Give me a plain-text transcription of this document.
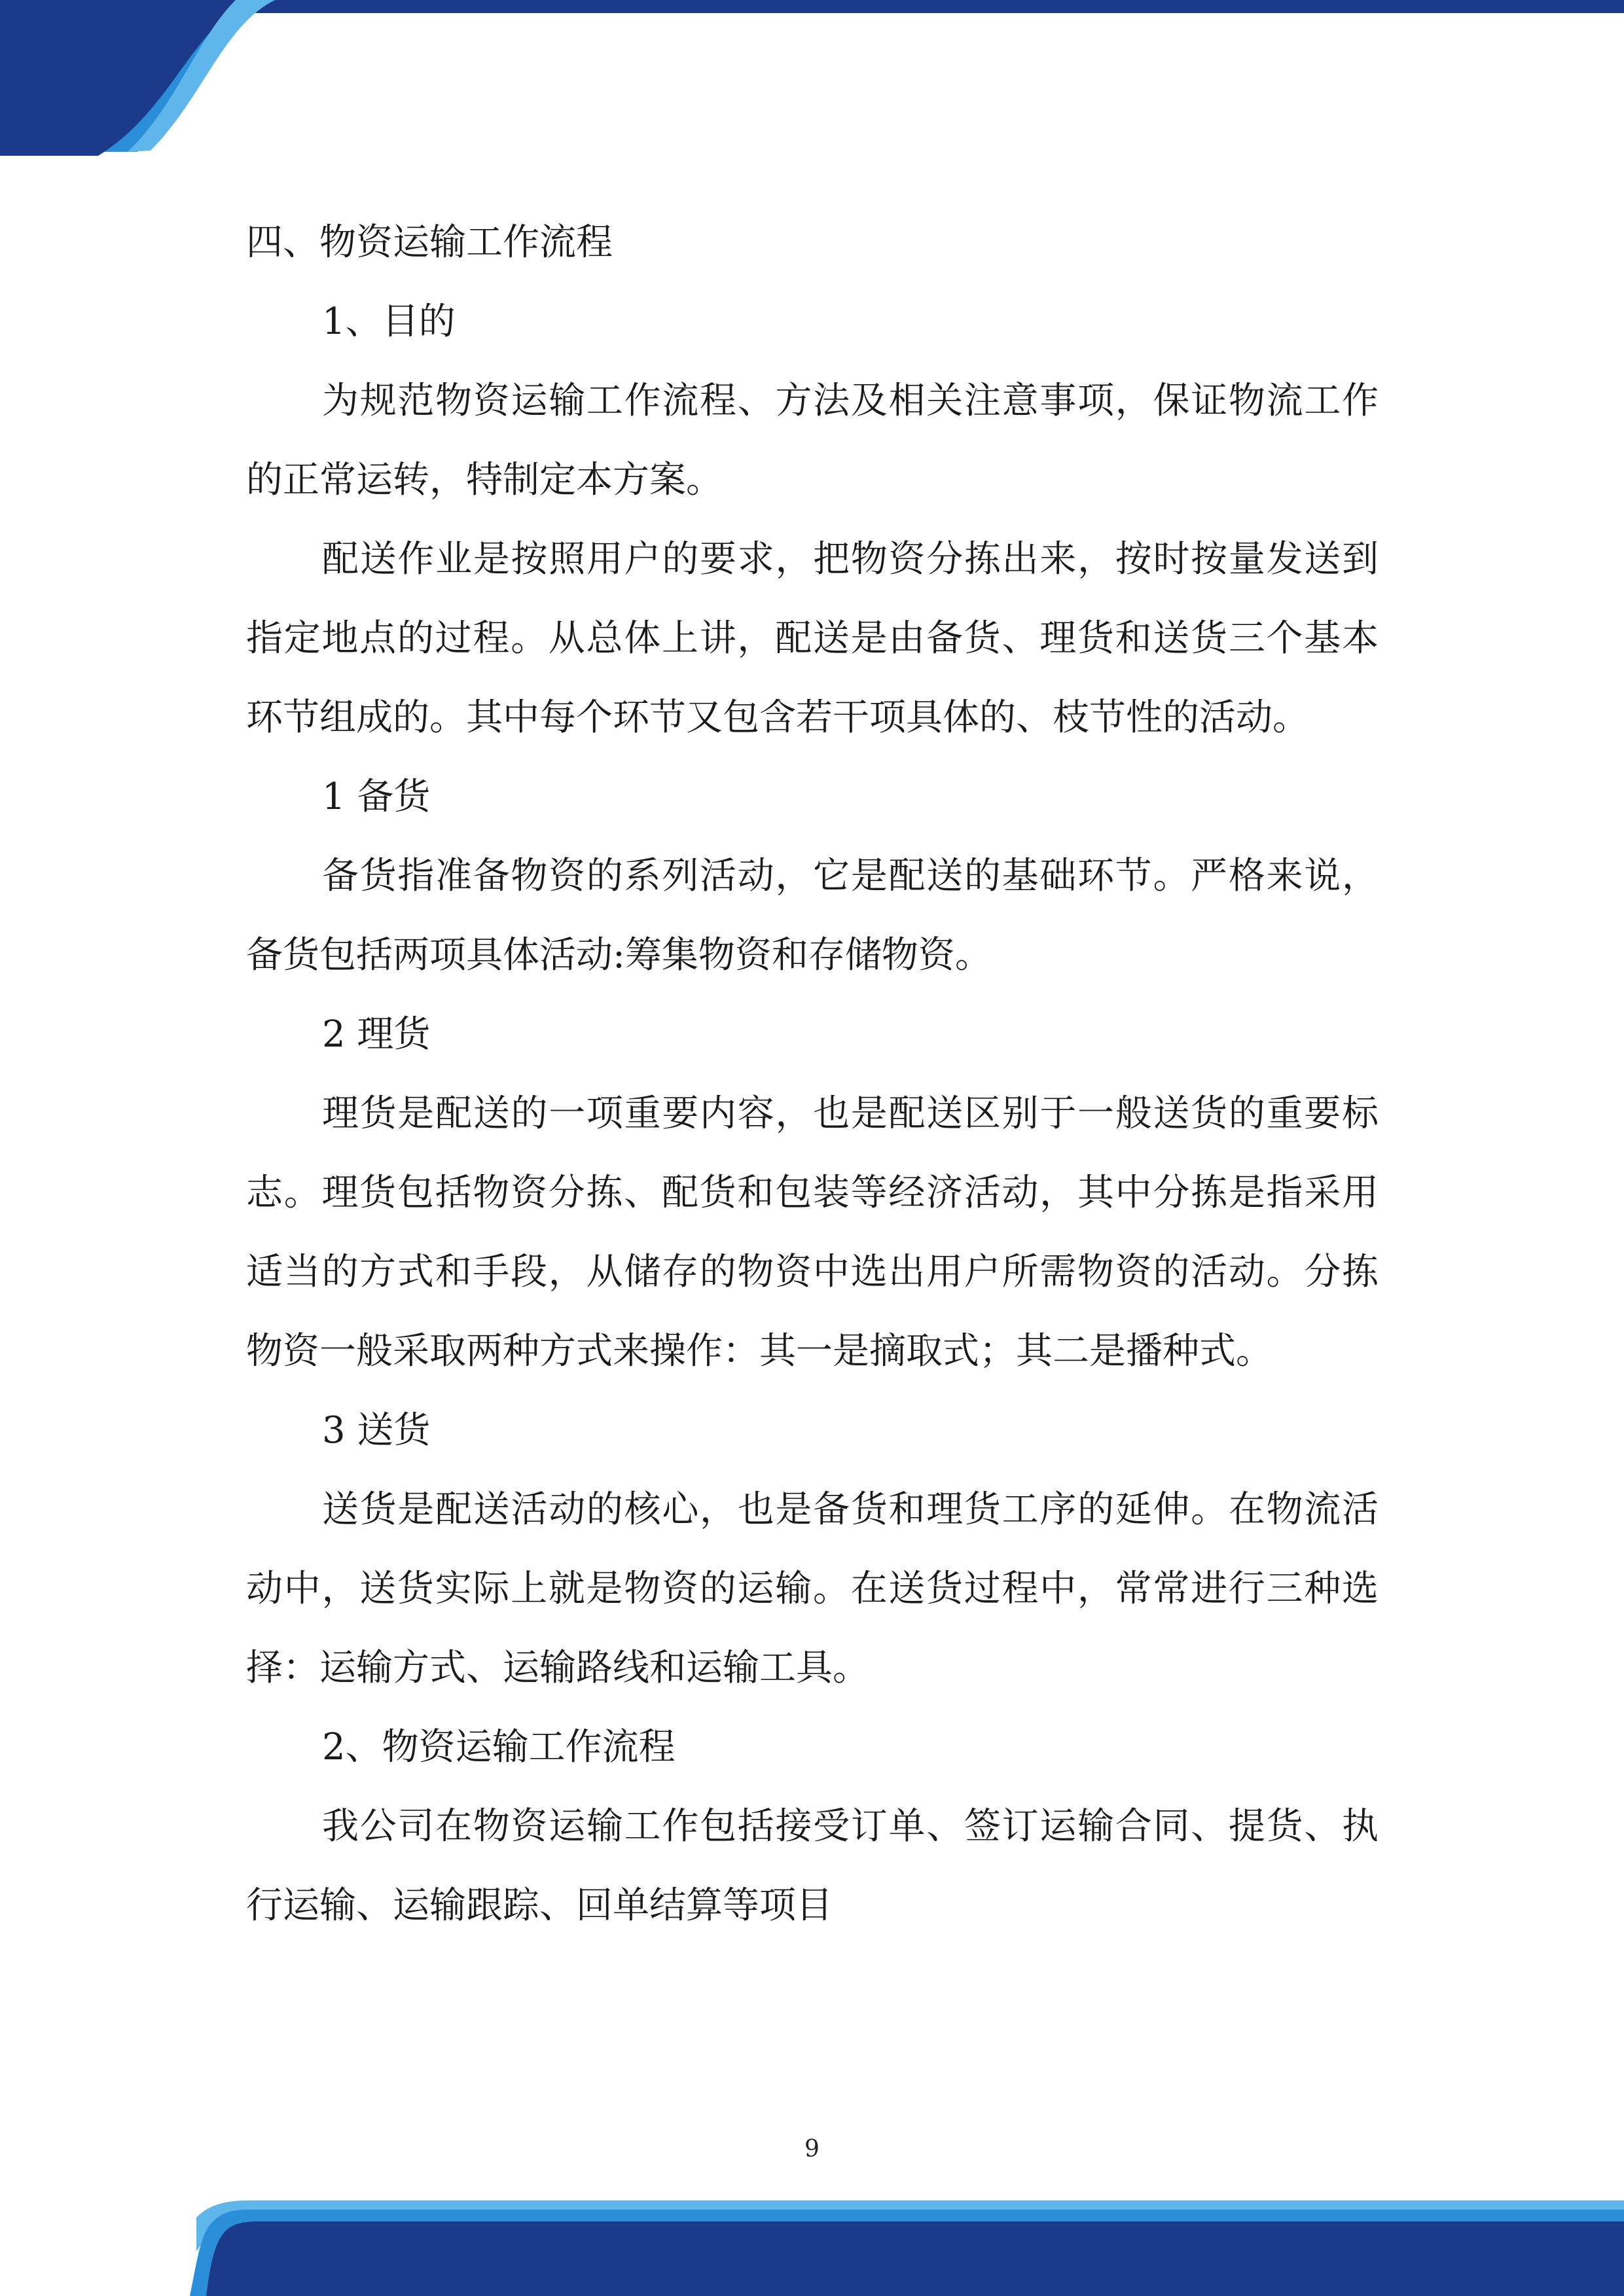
四、物资运输工作流程

1、目的

为规范物资运输工作流程、方法及相关注意事项，保证物流工作的正常运转，特制定本方案。

配送作业是按照用户的要求，把物资分拣出来，按时按量发送到指定地点的过程。从总体上讲，配送是由备货、理货和送货三个基本环节组成的。其中每个环节又包含若干项具体的、枝节性的活动。

1 备货

备货指准备物资的系列活动，它是配送的基础环节。严格来说，备货包括两项具体活动:筹集物资和存储物资。

2 理货

理货是配送的一项重要内容，也是配送区别于一般送货的重要标志。理货包括物资分拣、配货和包装等经济活动，其中分拣是指采用适当的方式和手段，从储存的物资中选出用户所需物资的活动。分拣物资一般采取两种方式来操作：其一是摘取式；其二是播种式。

3 送货

送货是配送活动的核心，也是备货和理货工序的延伸。在物流活动中，送货实际上就是物资的运输。在送货过程中，常常进行三种选择：运输方式、运输路线和运输工具。

2、物资运输工作流程

我公司在物资运输工作包括接受订单、签订运输合同、提货、执行运输、运输跟踪、回单结算等项目

9
